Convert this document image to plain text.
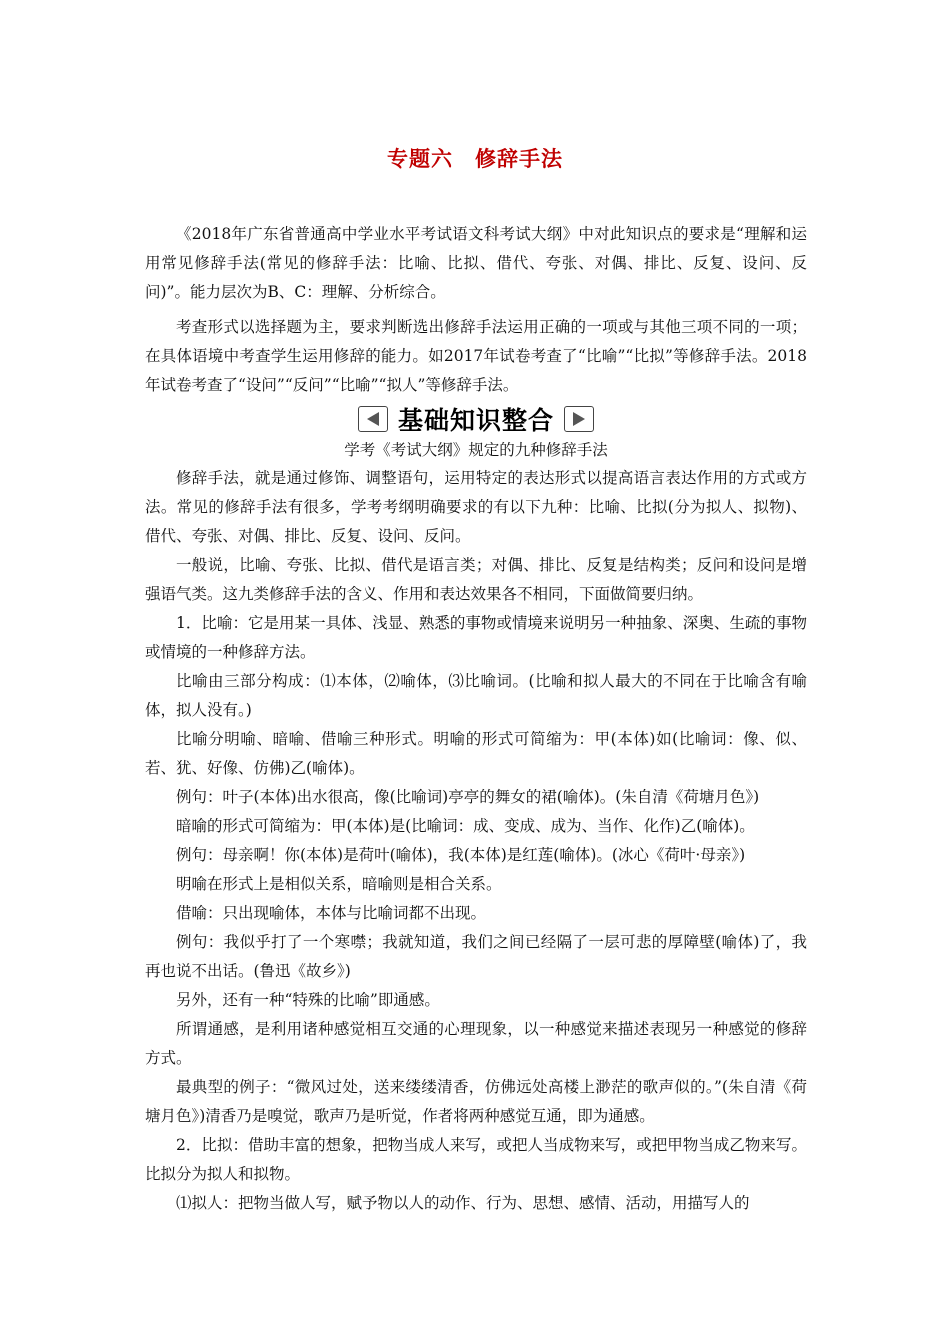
专题六　修辞手法

《2018年广东省普通高中学业水平考试语文科考试大纲》中对此知识点的要求是“理解和运用常见修辞手法(常见的修辞手法：比喻、比拟、借代、夸张、对偶、排比、反复、设问、反问)”。能力层次为B、C：理解、分析综合。

考查形式以选择题为主，要求判断选出修辞手法运用正确的一项或与其他三项不同的一项；在具体语境中考查学生运用修辞的能力。如2017年试卷考查了“比喻”“比拟”等修辞手法。2018年试卷考查了“设问”“反问”“比喻”“拟人”等修辞手法。

基础知识整合

学考《考试大纲》规定的九种修辞手法

修辞手法，就是通过修饰、调整语句，运用特定的表达形式以提高语言表达作用的方式或方法。常见的修辞手法有很多，学考考纲明确要求的有以下九种：比喻、比拟(分为拟人、拟物)、借代、夸张、对偶、排比、反复、设问、反问。

一般说，比喻、夸张、比拟、借代是语言类；对偶、排比、反复是结构类；反问和设问是增强语气类。这九类修辞手法的含义、作用和表达效果各不相同，下面做简要归纳。

1．比喻：它是用某一具体、浅显、熟悉的事物或情境来说明另一种抽象、深奥、生疏的事物或情境的一种修辞方法。

比喻由三部分构成：⑴本体，⑵喻体，⑶比喻词。(比喻和拟人最大的不同在于比喻含有喻体，拟人没有。)

比喻分明喻、暗喻、借喻三种形式。明喻的形式可简缩为：甲(本体)如(比喻词：像、似、若、犹、好像、仿佛)乙(喻体)。

例句：叶子(本体)出水很高，像(比喻词)亭亭的舞女的裙(喻体)。(朱自清《荷塘月色》)

暗喻的形式可简缩为：甲(本体)是(比喻词：成、变成、成为、当作、化作)乙(喻体)。

例句：母亲啊！你(本体)是荷叶(喻体)，我(本体)是红莲(喻体)。(冰心《荷叶·母亲》)

明喻在形式上是相似关系，暗喻则是相合关系。

借喻：只出现喻体，本体与比喻词都不出现。

例句：我似乎打了一个寒噤；我就知道，我们之间已经隔了一层可悲的厚障壁(喻体)了，我再也说不出话。(鲁迅《故乡》)

另外，还有一种“特殊的比喻”即通感。

所谓通感，是利用诸种感觉相互交通的心理现象，以一种感觉来描述表现另一种感觉的修辞方式。

最典型的例子：“微风过处，送来缕缕清香，仿佛远处高楼上渺茫的歌声似的。”(朱自清《荷塘月色》)清香乃是嗅觉，歌声乃是听觉，作者将两种感觉互通，即为通感。

2．比拟：借助丰富的想象，把物当成人来写，或把人当成物来写，或把甲物当成乙物来写。比拟分为拟人和拟物。

⑴拟人：把物当做人写，赋予物以人的动作、行为、思想、感情、活动，用描写人的
